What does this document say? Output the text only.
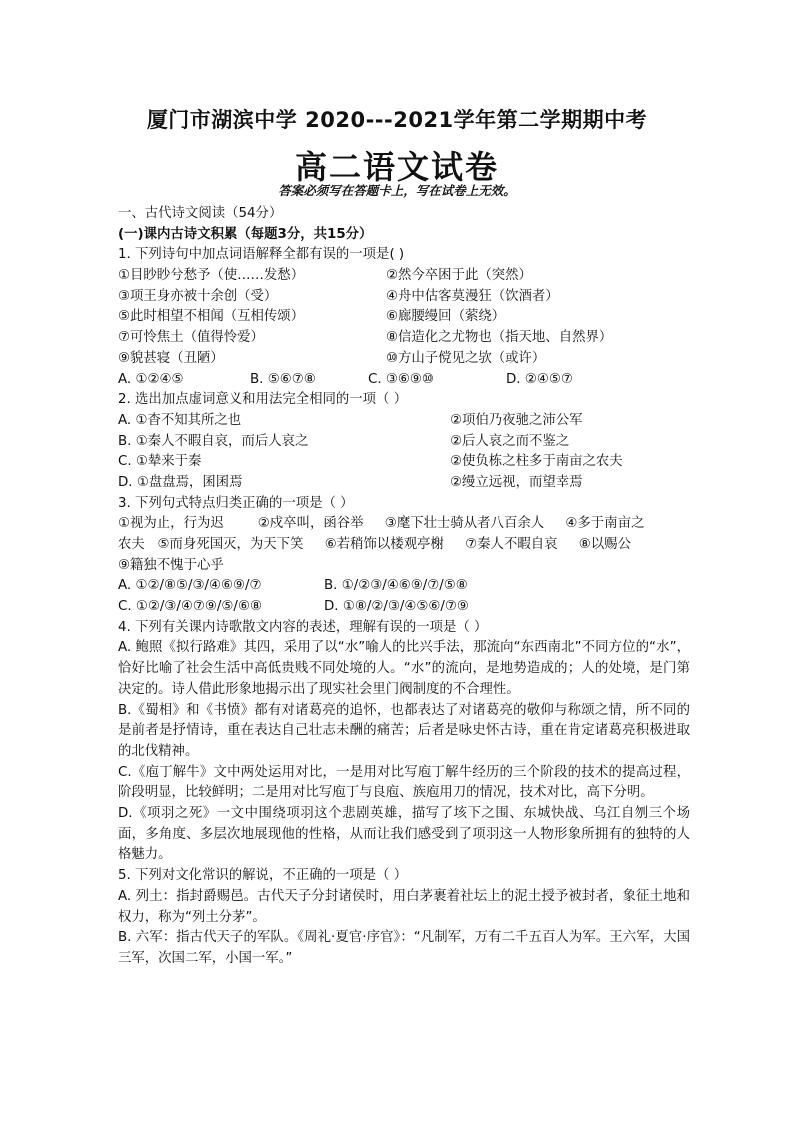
厦门市湖滨中学 2020---2021学年第二学期期中考
高二语文试卷
答案必须写在答题卡上，写在试卷上无效。
一、古代诗文阅读（54分）
(一)课内古诗文积累（每题3分，共15分）
1. 下列诗句中加点词语解释全都有误的一项是( )
①目眇眇兮愁予（使……发愁）	②然今卒困于此（突然）
③项王身亦被十余创（受）	④舟中估客莫漫狂（饮酒者）
⑤此时相望不相闻（互相传颂）	⑥廊腰缦回（萦绕）
⑦可怜焦土（值得怜爱）	⑧信造化之尤物也（指天地、自然界）
⑨貌甚寝（丑陋）	⑩方山子傥见之欤（或许）
A. ①②④⑤	B. ⑤⑥⑦⑧	C. ③⑥⑨⑩	D. ②④⑤⑦
2. 选出加点虚词意义和用法完全相同的一项（ ）
A. ①杳不知其所之也	②项伯乃夜驰之沛公军
B. ①秦人不暇自哀，而后人哀之	②后人哀之而不鉴之
C. ①辇来于秦	②使负栋之柱多于南亩之农夫
D. ①盘盘焉，囷囷焉	②缦立远视，而望幸焉
3. 下列句式特点归类正确的一项是（ ）
①视为止，行为迟        ②戍卒叫，函谷举     ③麾下壮士骑从者八百余人     ④多于南亩之
农夫   ⑤而身死国灭，为天下笑     ⑥若稍饰以楼观亭榭     ⑦秦人不暇自哀     ⑧以赐公
⑨籍独不愧于心乎
A. ①②/⑧⑤/③/④⑥⑨/⑦	B. ①/②③/④⑥⑨/⑦/⑤⑧
C. ①②/③/④⑦⑨/⑤/⑥⑧	D. ①⑧/②/③/④⑤⑥/⑦⑨
4. 下列有关课内诗歌散文内容的表述，理解有误的一项是（ ）
A. 鲍照《拟行路难》其四，采用了以“水”喻人的比兴手法，那流向“东西南北”不同方位的“水”，恰好比喻了社会生活中高低贵贱不同处境的人。“水”的流向，是地势造成的；人的处境，是门第决定的。诗人借此形象地揭示出了现实社会里门阀制度的不合理性。
B.《蜀相》和《书愤》都有对诸葛亮的追怀，也都表达了对诸葛亮的敬仰与称颂之情，所不同的是前者是抒情诗，重在表达自己壮志未酬的痛苦；后者是咏史怀古诗，重在肯定诸葛亮积极进取的北伐精神。
C.《庖丁解牛》文中两处运用对比，一是用对比写庖丁解牛经历的三个阶段的技术的提高过程，阶段明显，比较鲜明；二是用对比写庖丁与良庖、族庖用刀的情况，技术对比，高下分明。
D.《项羽之死》一文中围绕项羽这个悲剧英雄，描写了垓下之围、东城快战、乌江自刎三个场面，多角度、多层次地展现他的性格，从而让我们感受到了项羽这一人物形象所拥有的独特的人格魅力。
5. 下列对文化常识的解说，不正确的一项是（ ）
A. 列土：指封爵赐邑。古代天子分封诸侯时，用白茅裹着社坛上的泥土授予被封者，象征土地和权力，称为“列土分茅”。
B. 六军：指古代天子的军队。《周礼·夏官·序官》：“凡制军，万有二千五百人为军。王六军，大国三军，次国二军，小国一军。”
